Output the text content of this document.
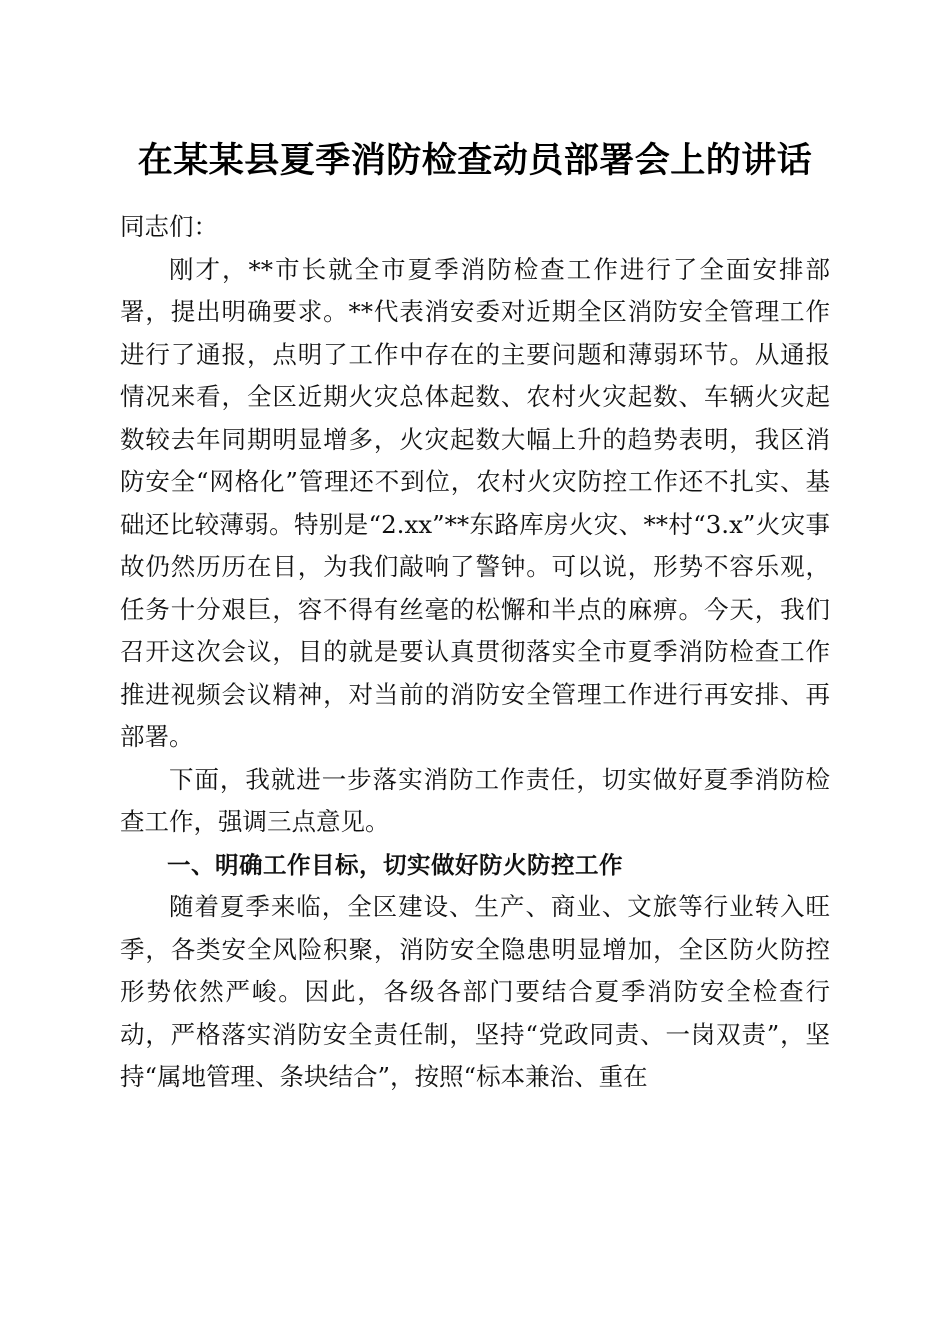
在某某县夏季消防检查动员部署会上的讲话

同志们：

刚才，**市长就全市夏季消防检查工作进行了全面安排部署，提出明确要求。**代表消安委对近期全区消防安全管理工作进行了通报，点明了工作中存在的主要问题和薄弱环节。从通报情况来看，全区近期火灾总体起数、农村火灾起数、车辆火灾起数较去年同期明显增多，火灾起数大幅上升的趋势表明，我区消防安全“网格化”管理还不到位，农村火灾防控工作还不扎实、基础还比较薄弱。特别是“2.xx”**东路库房火灾、**村“3.x”火灾事故仍然历历在目，为我们敲响了警钟。可以说，形势不容乐观，任务十分艰巨，容不得有丝毫的松懈和半点的麻痹。今天，我们召开这次会议，目的就是要认真贯彻落实全市夏季消防检查工作推进视频会议精神，对当前的消防安全管理工作进行再安排、再部署。

下面，我就进一步落实消防工作责任，切实做好夏季消防检查工作，强调三点意见。

一、明确工作目标，切实做好防火防控工作

随着夏季来临，全区建设、生产、商业、文旅等行业转入旺季，各类安全风险积聚，消防安全隐患明显增加，全区防火防控形势依然严峻。因此，各级各部门要结合夏季消防安全检查行动，严格落实消防安全责任制，坚持“党政同责、一岗双责”，坚持“属地管理、条块结合”，按照“标本兼治、重在
